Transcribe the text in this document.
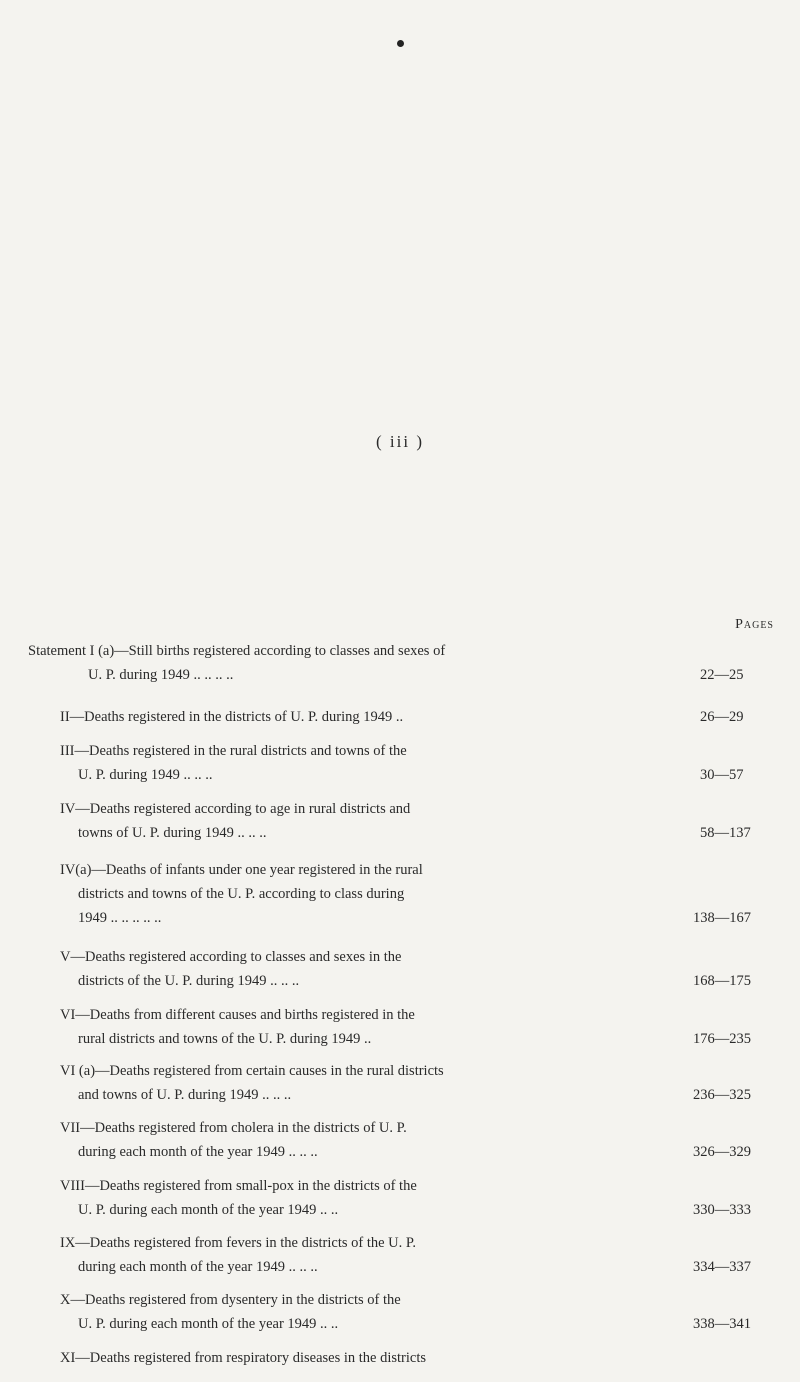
( iii )
Pages
Statement I (a)—Still births registered according to classes and sexes of
U. P. during 1949 .. .. .. ..	22—25
II—Deaths registered in the districts of U. P. during 1949 ..	26—29
III—Deaths registered in the rural districts and towns of the
U. P. during 1949 .. .. ..	30—57
IV—Deaths registered according to age in rural districts and
towns of U. P. during 1949 .. .. ..	58—137
IV(a)—Deaths of infants under one year registered in the rural
districts and towns of the U. P. according to class during
1949 .. .. .. .. ..	138—167
V—Deaths registered according to classes and sexes in the
districts of the U. P. during 1949 .. .. ..	168—175
VI—Deaths from different causes and births registered in the
rural districts and towns of the U. P. during 1949 ..	176—235
VI (a)—Deaths registered from certain causes in the rural districts
and towns of U. P. during 1949 .. .. ..	236—325
VII—Deaths registered from cholera in the districts of U. P.
during each month of the year 1949 .. .. ..	326—329
VIII—Deaths registered from small-pox in the districts of the
U. P. during each month of the year 1949 .. ..	330—333
IX—Deaths registered from fevers in the districts of the U. P.
during each month of the year 1949 .. .. ..	334—337
X—Deaths registered from dysentery in the districts of the
U. P. during each month of the year 1949 .. ..	338—341
XI—Deaths registered from respiratory diseases in the districts
